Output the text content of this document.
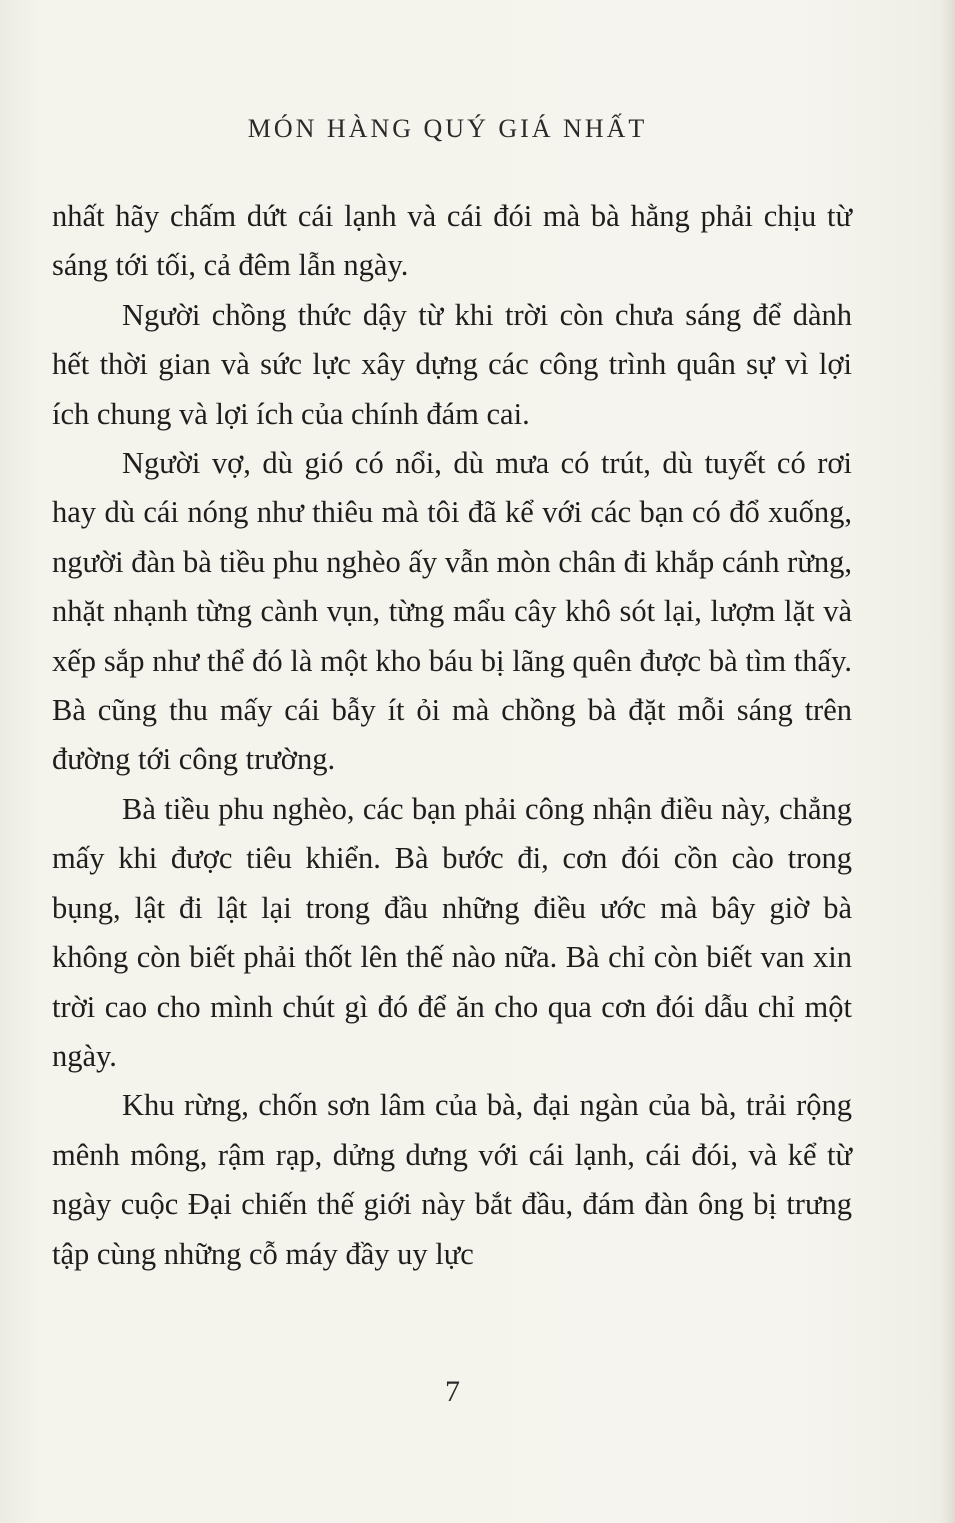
MÓN HÀNG QUÝ GIÁ NHẤT

nhất hãy chấm dứt cái lạnh và cái đói mà bà hằng phải chịu từ sáng tới tối, cả đêm lẫn ngày.

Người chồng thức dậy từ khi trời còn chưa sáng để dành hết thời gian và sức lực xây dựng các công trình quân sự vì lợi ích chung và lợi ích của chính đám cai.

Người vợ, dù gió có nổi, dù mưa có trút, dù tuyết có rơi hay dù cái nóng như thiêu mà tôi đã kể với các bạn có đổ xuống, người đàn bà tiều phu nghèo ấy vẫn mòn chân đi khắp cánh rừng, nhặt nhạnh từng cành vụn, từng mẩu cây khô sót lại, lượm lặt và xếp sắp như thể đó là một kho báu bị lãng quên được bà tìm thấy. Bà cũng thu mấy cái bẫy ít ỏi mà chồng bà đặt mỗi sáng trên đường tới công trường.

Bà tiều phu nghèo, các bạn phải công nhận điều này, chẳng mấy khi được tiêu khiển. Bà bước đi, cơn đói cồn cào trong bụng, lật đi lật lại trong đầu những điều ước mà bây giờ bà không còn biết phải thốt lên thế nào nữa. Bà chỉ còn biết van xin trời cao cho mình chút gì đó để ăn cho qua cơn đói dẫu chỉ một ngày.

Khu rừng, chốn sơn lâm của bà, đại ngàn của bà, trải rộng mênh mông, rậm rạp, dửng dưng với cái lạnh, cái đói, và kể từ ngày cuộc Đại chiến thế giới này bắt đầu, đám đàn ông bị trưng tập cùng những cỗ máy đầy uy lực

7
